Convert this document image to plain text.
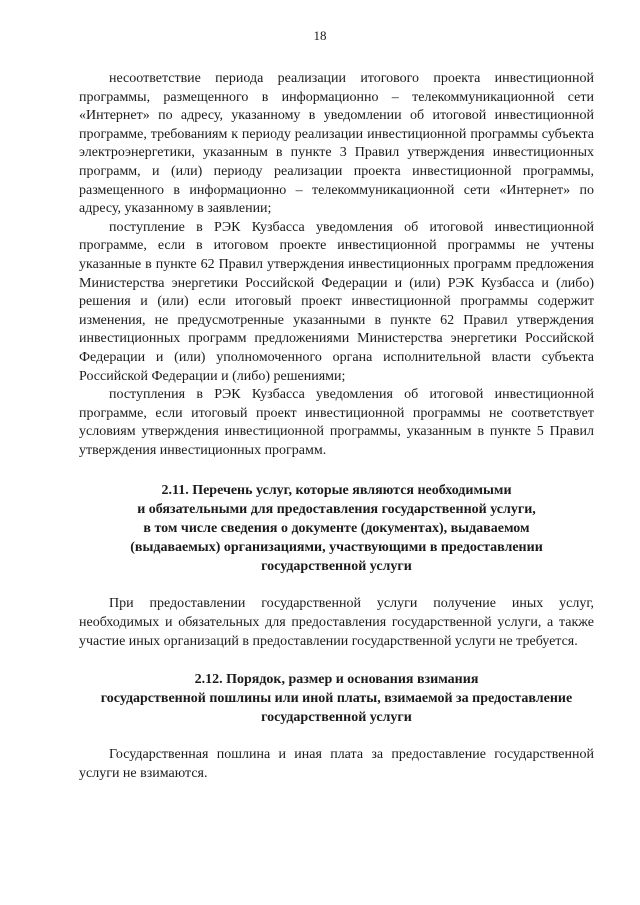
18

несоответствие периода реализации итогового проекта инвестиционной программы, размещенного в информационно – телекоммуникационной сети «Интернет» по адресу, указанному в уведомлении об итоговой инвестиционной программе, требованиям к периоду реализации инвестиционной программы субъекта электроэнергетики, указанным в пункте 3 Правил утверждения инвестиционных программ, и (или) периоду реализации проекта инвестиционной программы, размещенного в информационно – телекоммуникационной сети «Интернет» по адресу, указанному в заявлении;

поступление в РЭК Кузбасса уведомления об итоговой инвестиционной программе, если в итоговом проекте инвестиционной программы не учтены указанные в пункте 62 Правил утверждения инвестиционных программ предложения Министерства энергетики Российской Федерации и (или) РЭК Кузбасса и (либо) решения и (или) если итоговый проект инвестиционной программы содержит изменения, не предусмотренные указанными в пункте 62 Правил утверждения инвестиционных программ предложениями Министерства энергетики Российской Федерации и (или) уполномоченного органа исполнительной власти субъекта Российской Федерации и (либо) решениями;

поступления в РЭК Кузбасса уведомления об итоговой инвестиционной программе, если итоговый проект инвестиционной программы не соответствует условиям утверждения инвестиционной программы, указанным в пункте 5 Правил утверждения инвестиционных программ.

2.11. Перечень услуг, которые являются необходимыми

и обязательными для предоставления государственной услуги,

в том числе сведения о документе (документах), выдаваемом

(выдаваемых) организациями, участвующими в предоставлении

государственной услуги

При предоставлении государственной услуги получение иных услуг, необходимых и обязательных для предоставления государственной услуги, а также участие иных организаций в предоставлении государственной услуги не требуется.

2.12. Порядок, размер и основания взимания

государственной пошлины или иной платы, взимаемой за предоставление

государственной услуги

Государственная пошлина и иная плата за предоставление государственной услуги не взимаются.
